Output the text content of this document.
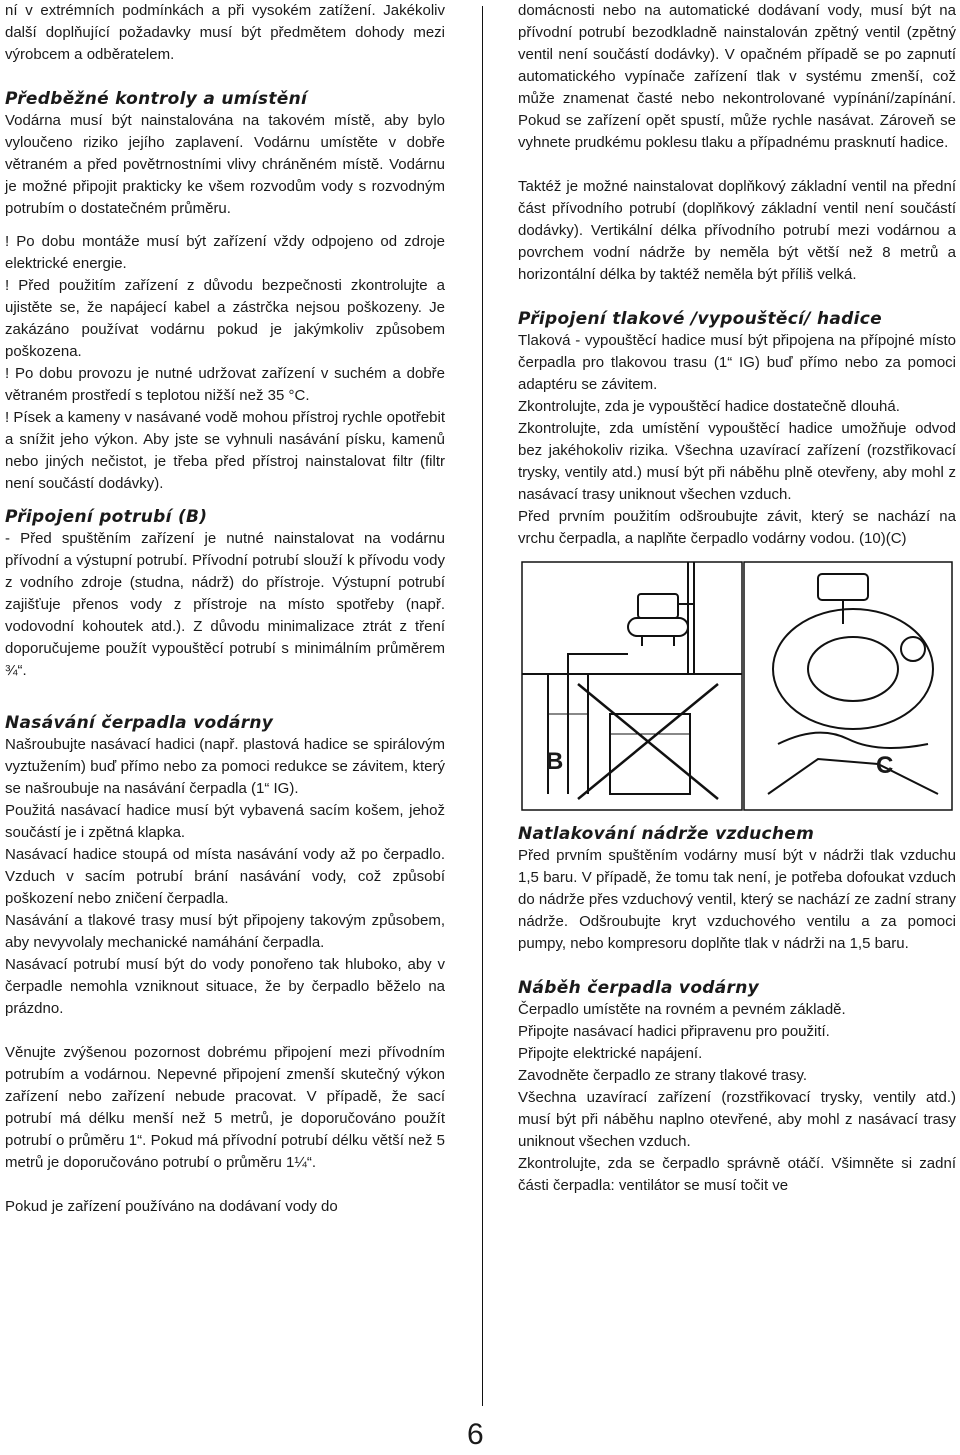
ní v extrémních podmínkách a při vysokém zatížení. Jakékoliv další doplňující požadavky musí být předmětem dohody mezi výrobcem a odběratelem.

Předběžné kontroly a umístění

Vodárna musí být nainstalována na takovém místě, aby bylo vyloučeno riziko jejího zaplavení. Vodárnu umístěte v dobře větraném a před povětrnostními vlivy chráněném místě. Vodárnu je možné připojit prakticky ke všem rozvodům vody s rozvodným potrubím o dostatečném průměru.

! Po dobu montáže musí být zařízení vždy odpojeno od zdroje elektrické energie.

! Před použitím zařízení z důvodu bezpečnosti zkontrolujte a ujistěte se, že napájecí kabel a zástrčka nejsou poškozeny. Je zakázáno používat vodárnu pokud je jakýmkoliv způsobem poškozena.

! Po dobu provozu je nutné udržovat zařízení v suchém a dobře větraném prostředí s teplotou nižší než 35 °C.

! Písek a kameny v nasávané vodě mohou přístroj rychle opotřebit a snížit jeho výkon. Aby jste se vyhnuli nasávání písku, kamenů nebo jiných nečistot, je třeba před přístroj nainstalovat filtr (filtr není součástí dodávky).

Připojení potrubí (B)

- Před spuštěním zařízení je nutné nainstalovat na vodárnu přívodní a výstupní potrubí. Přívodní potrubí slouží k přívodu vody z vodního zdroje (studna, nádrž) do přístroje. Výstupní potrubí zajišťuje přenos vody z přístroje na místo spotřeby (např. vodovodní kohoutek atd.). Z důvodu minimalizace ztrát z tření doporučujeme použít vypouštěcí potrubí s minimálním průměrem ¾“.

Nasávání čerpadla vodárny

Našroubujte nasávací hadici (např. plastová hadice se spirálovým vyztužením) buď přímo nebo za pomoci redukce se závitem, který se našroubuje na nasávání čerpadla (1“ IG).

Použitá nasávací hadice musí být vybavená sacím košem, jehož součástí je i zpětná klapka.

Nasávací hadice stoupá od místa nasávání vody až po čerpadlo. Vzduch v sacím potrubí brání nasávání vody, což způsobí poškození nebo zničení čerpadla.

Nasávání a tlakové trasy musí být připojeny takovým způsobem, aby nevyvolaly mechanické namáhání čerpadla.

Nasávací potrubí musí být do vody ponořeno tak hluboko, aby v čerpadle nemohla vzniknout situace, že by čerpadlo běželo na prázdno.

Věnujte zvýšenou pozornost dobrému připojení mezi přívodním potrubím a vodárnou. Nepevné připojení zmenší skutečný výkon zařízení nebo zařízení nebude pracovat. V případě, že sací potrubí má délku menší než 5 metrů, je doporučováno použít potrubí o průměru 1“. Pokud má přívodní potrubí délku větší než 5 metrů je doporučováno potrubí o průměru 1¼“.

Pokud je zařízení používáno na dodávaní vody do

domácnosti nebo na automatické dodávaní vody, musí být na přívodní potrubí bezodkladně nainstalován zpětný ventil (zpětný ventil není součástí dodávky). V opačném případě se po zapnutí automatického vypínače zařízení tlak v systému zmenší, což může znamenat časté nebo nekontrolované vypínání/zapínání. Pokud se zařízení opět spustí, může rychle nasávat. Zároveň se vyhnete prudkému poklesu tlaku a případnému prasknutí hadice.

Taktéž je možné nainstalovat doplňkový základní ventil na přední část přívodního potrubí (doplňkový základní ventil není součástí dodávky). Vertikální délka přívodního potrubí mezi vodárnou a povrchem vodní nádrže by neměla být větší než 8 metrů a horizontální délka by taktéž neměla být příliš velká.

Připojení tlakové /vypouštěcí/ hadice

Tlaková - vypouštěcí hadice musí být připojena na přípojné místo čerpadla pro tlakovou trasu (1“ IG) buď přímo nebo za pomoci adaptéru se závitem.

Zkontrolujte, zda je vypouštěcí hadice dostatečně dlouhá.

Zkontrolujte, zda umístění vypouštěcí hadice umožňuje odvod bez jakéhokoliv rizika. Všechna uzavírací zařízení (rozstřikovací trysky, ventily atd.) musí být při náběhu plně otevřeny, aby mohl z nasávací trasy uniknout všechen vzduch.

Před prvním použitím odšroubujte závit, který se nachází na vrchu čerpadla, a naplňte čerpadlo vodárny vodou. (10)(C)

B	C
Natlakování nádrže vzduchem

Před prvním spuštěním vodárny musí být v nádrži tlak vzduchu 1,5 baru. V případě, že tomu tak není, je potřeba dofoukat vzduch do nádrže přes vzduchový ventil, který se nachází ze zadní strany nádrže. Odšroubujte kryt vzduchového ventilu a za pomoci pumpy, nebo kompresoru doplňte tlak v nádrži na 1,5 baru.

Náběh čerpadla vodárny

Čerpadlo umístěte na rovném a pevném základě.

Připojte nasávací hadici připravenu pro použití.

Připojte elektrické napájení.

Zavodněte čerpadlo ze strany tlakové trasy.

Všechna uzavírací zařízení (rozstřikovací trysky, ventily atd.) musí být při náběhu naplno otevřené, aby mohl z nasávací trasy uniknout všechen vzduch.

Zkontrolujte, zda se čerpadlo správně otáčí. Všimněte si zadní části čerpadla: ventilátor se musí točit ve

6
